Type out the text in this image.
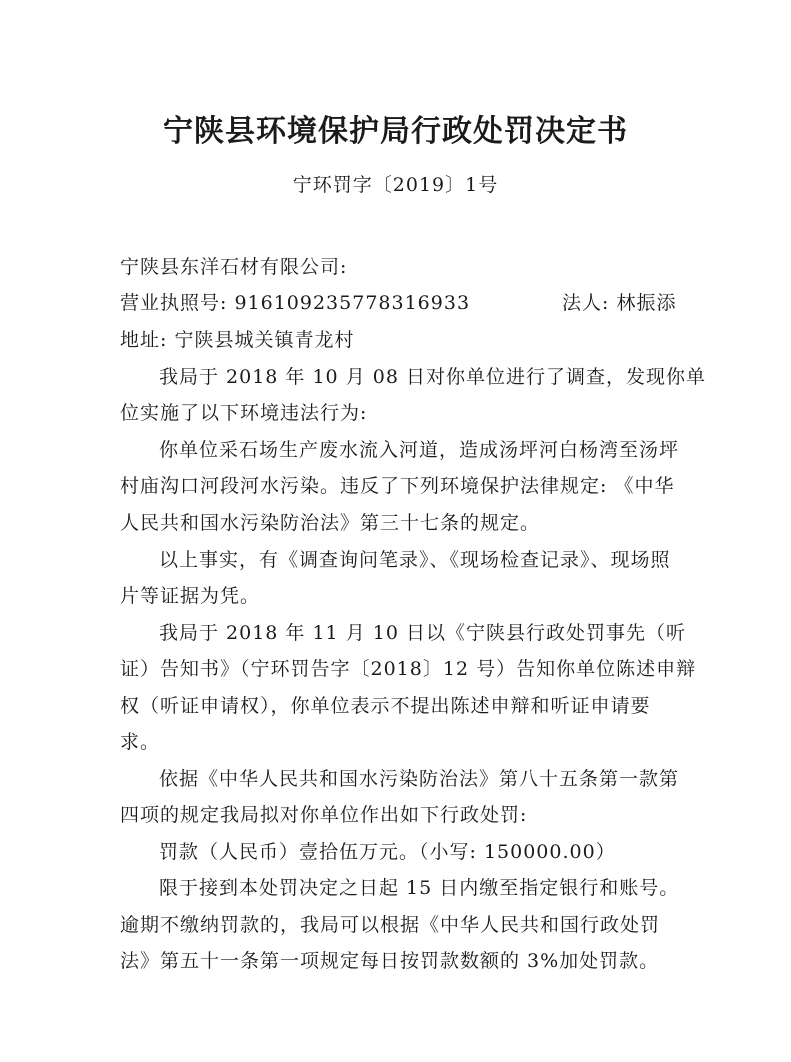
宁陕县环境保护局行政处罚决定书
宁环罚字〔2019〕1号
宁陕县东洋石材有限公司:
营业执照号: 916109235778316933	法人: 林振添
地址: 宁陕县城关镇青龙村
我局于 2018 年 10 月 08 日对你单位进行了调查，发现你单
位实施了以下环境违法行为:
你单位采石场生产废水流入河道，造成汤坪河白杨湾至汤坪
村庙沟口河段河水污染。违反了下列环境保护法律规定: 《中华
人民共和国水污染防治法》第三十七条的规定。
以上事实，有《调查询问笔录》、《现场检查记录》、现场照
片等证据为凭。
我局于 2018 年 11 月 10 日以《宁陕县行政处罚事先（听
证）告知书》（宁环罚告字〔2018〕12 号）告知你单位陈述申辩
权（听证申请权），你单位表示不提出陈述申辩和听证申请要
求。
依据《中华人民共和国水污染防治法》第八十五条第一款第
四项的规定我局拟对你单位作出如下行政处罚:
罚款（人民币）壹拾伍万元。（小写: 150000.00）
限于接到本处罚决定之日起 15 日内缴至指定银行和账号。
逾期不缴纳罚款的，我局可以根据《中华人民共和国行政处罚
法》第五十一条第一项规定每日按罚款数额的 3%加处罚款。
